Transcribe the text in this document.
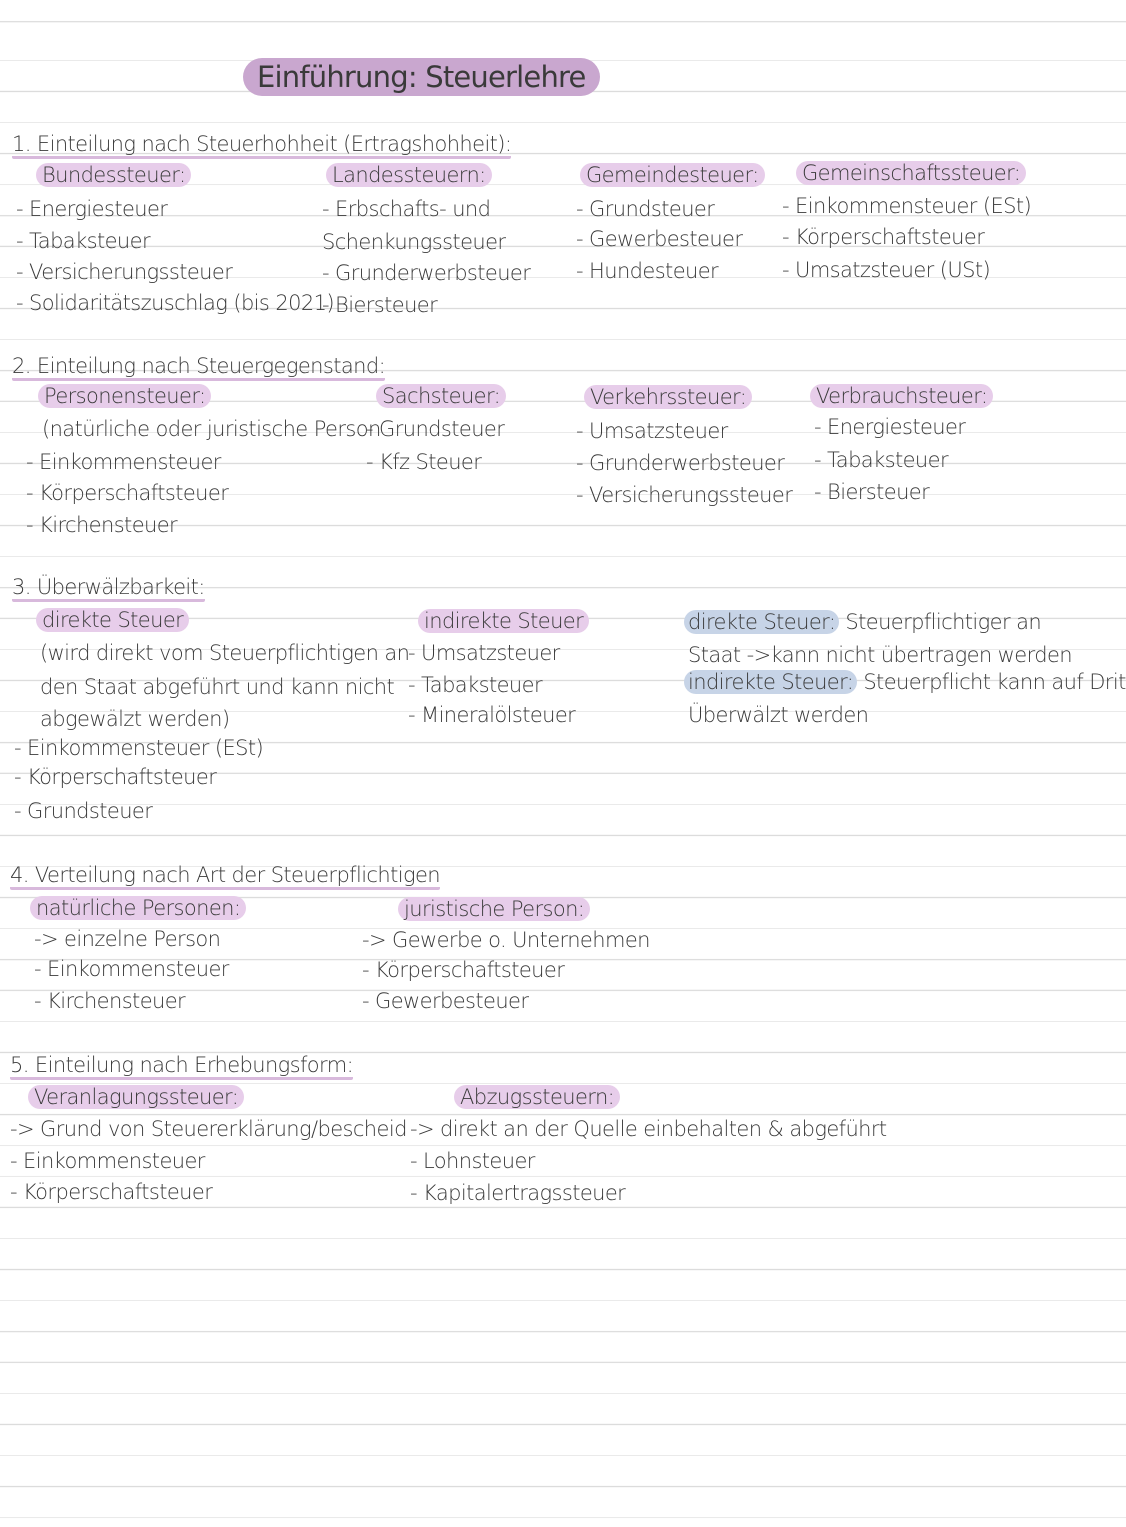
Einführung: Steuerlehre
1. Einteilung nach Steuerhohheit (Ertragshohheit):
Bundessteuer:
- Energiesteuer
- Tabaksteuer
- Versicherungssteuer
- Solidaritätszuschlag (bis 2021)
Landessteuern:
- Erbschafts- und
Schenkungssteuer
- Grunderwerbsteuer
- Biersteuer
Gemeindesteuer:
- Grundsteuer
- Gewerbesteuer
- Hundesteuer
Gemeinschaftssteuer:
- Einkommensteuer (ESt)
- Körperschaftsteuer
- Umsatzsteuer (USt)
2. Einteilung nach Steuergegenstand:
Personensteuer:
(natürliche oder juristische Person
- Einkommensteuer
- Körperschaftsteuer
- Kirchensteuer
Sachsteuer:
- Grundsteuer
- Kfz Steuer
Verkehrssteuer:
- Umsatzsteuer
- Grunderwerbsteuer
- Versicherungssteuer
Verbrauchsteuer:
- Energiesteuer
- Tabaksteuer
- Biersteuer
3. Überwälzbarkeit:
direkte Steuer
(wird direkt vom Steuerpflichtigen an
den Staat abgeführt und kann nicht
abgewälzt werden)
- Einkommensteuer (ESt)
- Körperschaftsteuer
- Grundsteuer
indirekte Steuer
- Umsatzsteuer
- Tabaksteuer
- Mineralölsteuer
direkte Steuer: Steuerpflichtiger an
Staat ->kann nicht übertragen werden
indirekte Steuer: Steuerpflicht kann auf Drit
Überwälzt werden
4. Verteilung nach Art der Steuerpflichtigen
natürliche Personen:
-> einzelne Person
- Einkommensteuer
- Kirchensteuer
juristische Person:
-> Gewerbe o. Unternehmen
- Körperschaftsteuer
- Gewerbesteuer
5. Einteilung nach Erhebungsform:
Veranlagungssteuer:
-> Grund von Steuererklärung/bescheid
- Einkommensteuer
- Körperschaftsteuer
Abzugssteuern:
-> direkt an der Quelle einbehalten & abgeführt
- Lohnsteuer
- Kapitalertragssteuer
